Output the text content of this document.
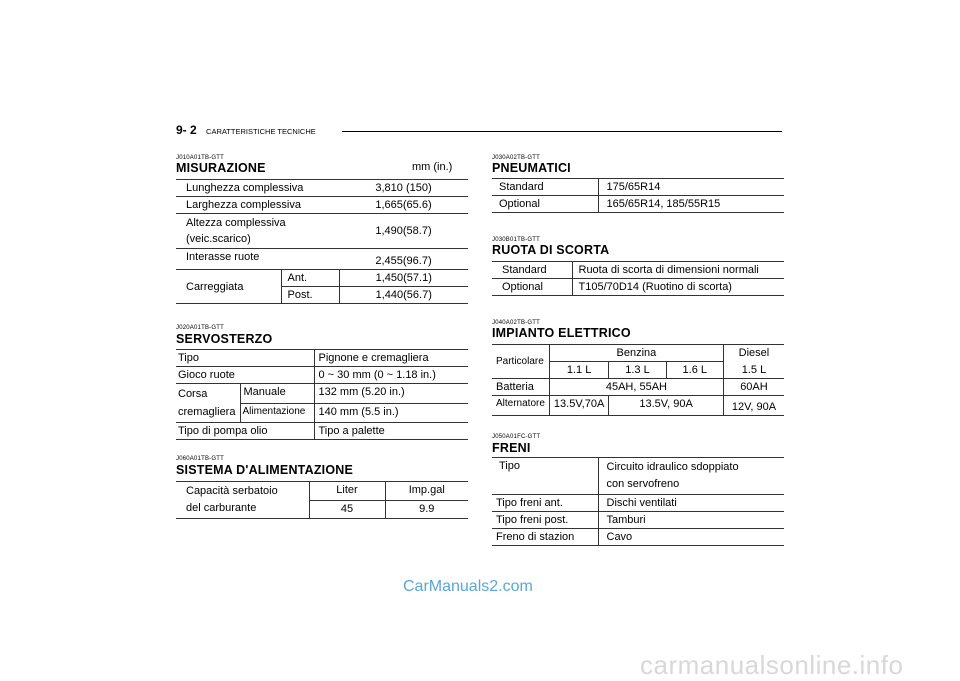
9- 2 CARATTERISTICHE TECNICHE
J010A01TB-GTT
MISURAZIONE	mm (in.)
Lunghezza complessiva		3,810 (150)
Larghezza complessiva		1,665(65.6)

Altezza complessiva
(veic.scarico)		1,490(58.7)
Interasse ruote		2,455(96.7)
Carreggiata	Ant.	1,450(57.1)
	Post.	1,440(56.7)
J020A01TB-GTT
SERVOSTERZO
Tipo		Pignone e cremagliera
Gioco ruote		0 ~ 30 mm (0 ~ 1.18 in.)

Corsa
cremagliera	Manuale	132 mm (5.20 in.)
	Alimentazione	140 mm (5.5 in.)
Tipo di pompa olio		Tipo a palette
J060A01TB-GTT
SISTEMA D'ALIMENTAZIONE
Capacità serbatoio
del carburante	Liter	Imp.gal
	45	9.9
J030A02TB-GTT
PNEUMATICI
Standard	175/65R14
Optional	165/65R14, 185/55R15
J030B01TB-GTT
RUOTA DI SCORTA
Standard	Ruota di scorta di dimensioni normali
Optional	T105/70D14 (Ruotino di scorta)
J040A02TB-GTT
IMPIANTO ELETTRICO
Particolare	Benzina			Diesel
	1.1 L	1.3 L	1.6 L	1.5 L
Batteria	45AH, 55AH			60AH
Alternatore	13.5V,70A	13.5V, 90A		12V, 90A
J050A01FC-GTT
FRENI
Tipo	Circuito idraulico sdoppiato
con servofreno

Tipo freni ant.	Dischi ventilati
Tipo freni post.	Tamburi
Freno di stazion	Cavo
CarManuals2.com
carmanualsonline.info
